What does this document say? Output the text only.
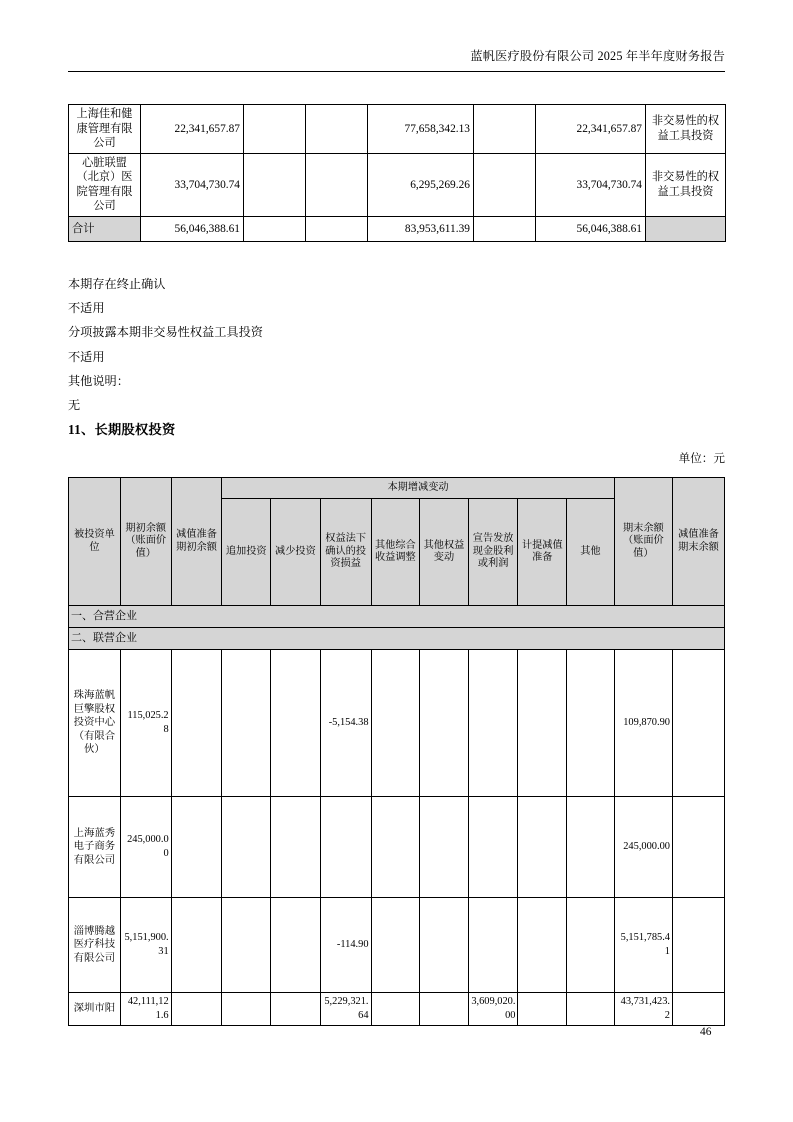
蓝帆医疗股份有限公司 2025 年半年度财务报告
上海佳和健康管理有限公司	22,341,657.87			77,658,342.13		22,341,657.87	非交易性的权益工具投资
心脏联盟（北京）医院管理有限公司	33,704,730.74			6,295,269.26		33,704,730.74	非交易性的权益工具投资
合计	56,046,388.61			83,953,611.39		56,046,388.61	
本期存在终止确认
不适用
分项披露本期非交易性权益工具投资
不适用
其他说明：
无
11、长期股权投资
单位：元
被投资单位	期初余额（账面价值）	减值准备期初余额	本期增减变动								期末余额（账面价值）	减值准备期末余额
			追加投资	减少投资	权益法下确认的投资损益	其他综合收益调整	其他权益变动	宣告发放现金股利或利润	计提减值准备	其他		
一、合营企业												
二、联营企业												
珠海蓝帆巨擎股权投资中心（有限合伙）	115,025.28				-5,154.38						109,870.90	
上海蓝秀电子商务有限公司	245,000.00										245,000.00	
淄博腾越医疗科技有限公司	5,151,900.31				-114.90						5,151,785.41	
深圳市阳	42,111,121.6				5,229,321.64			3,609,020.00			43,731,423.2	
46
